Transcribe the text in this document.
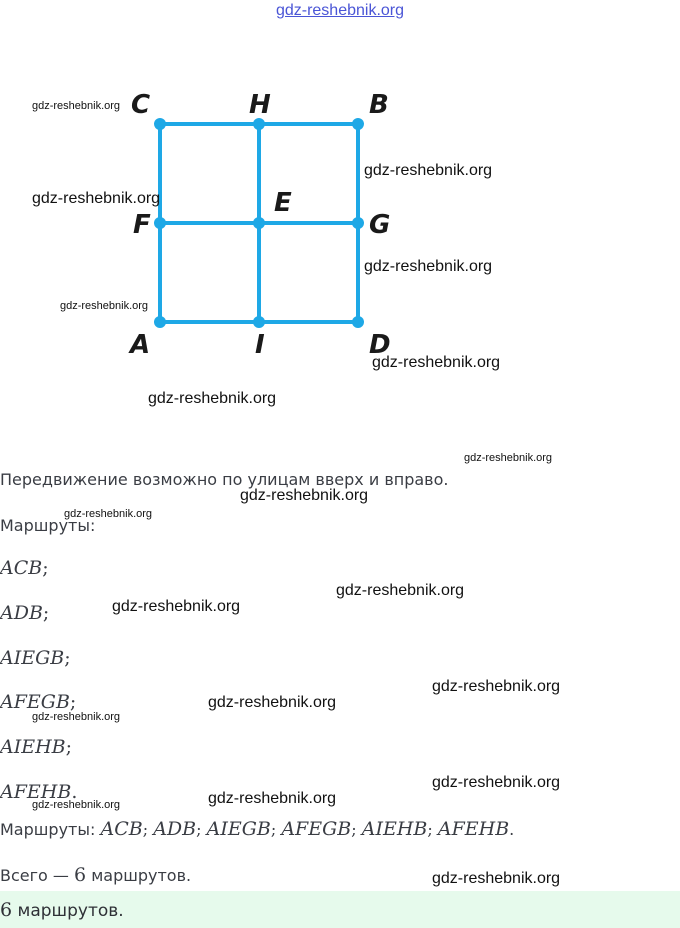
gdz-reshebnik.org
C	H	B
F
E
G
A	I	D
Передвижение возможно по улицам вверх и вправо.
Маршруты:
ACB;
ADB;
AIEGB;
AFEGB;
AIEHB;
AFEHB.
Маршруты: ACB; ADB; AIEGB; AFEGB; AIEHB; AFEHB.
Всего — 6 маршрутов.
6 маршрутов.
gdz-reshebnik.org
gdz-reshebnik.org
gdz-reshebnik.org
gdz-reshebnik.org
gdz-reshebnik.org
gdz-reshebnik.org
gdz-reshebnik.org
gdz-reshebnik.org
gdz-reshebnik.org
gdz-reshebnik.org
gdz-reshebnik.org
gdz-reshebnik.org
gdz-reshebnik.org
gdz-reshebnik.org
gdz-reshebnik.org
gdz-reshebnik.org
gdz-reshebnik.org
gdz-reshebnik.org
gdz-reshebnik.org
